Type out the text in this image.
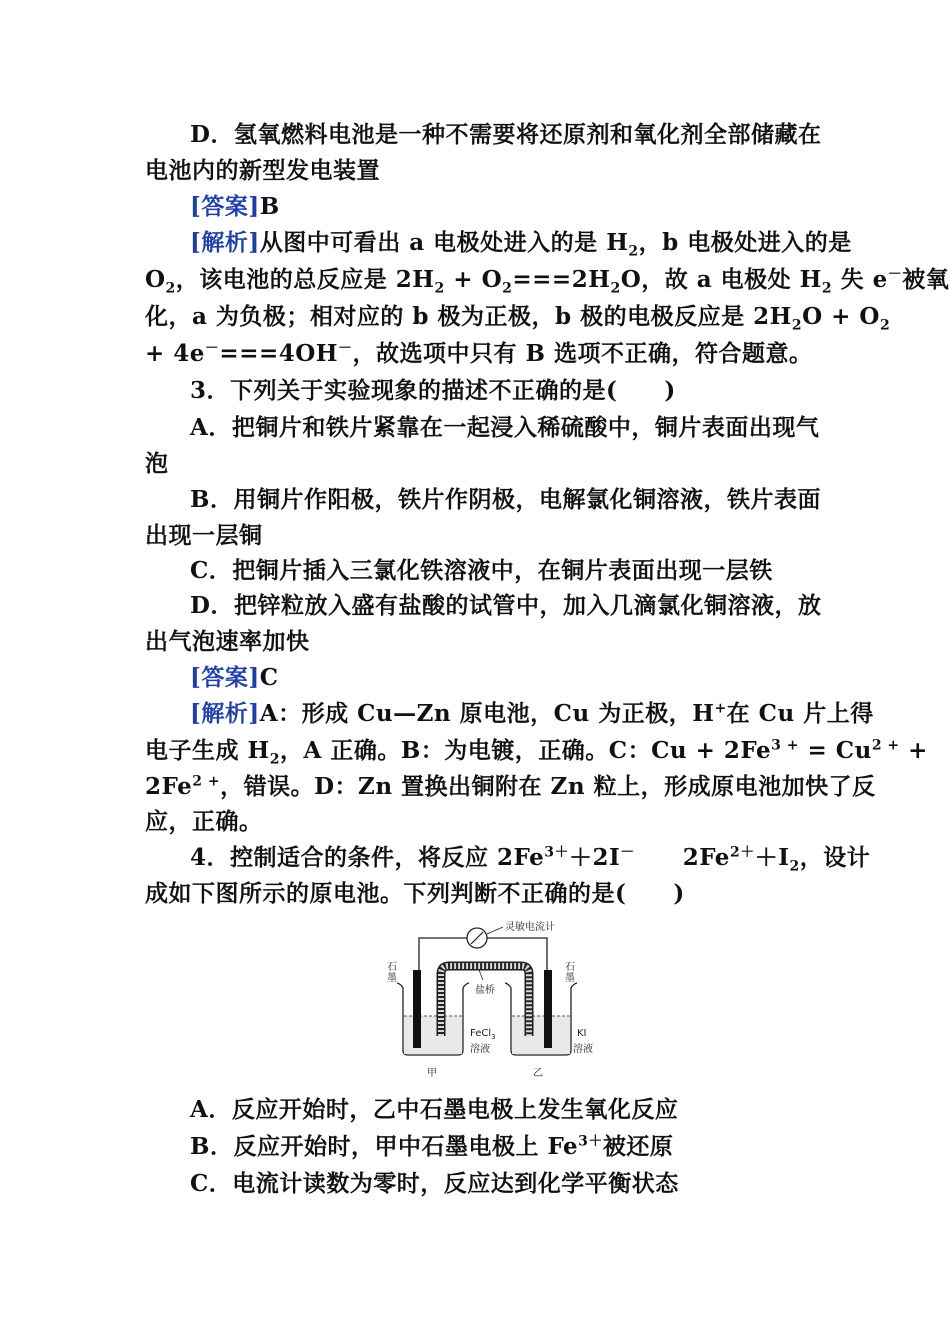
D．氢氧燃料电池是一种不需要将还原剂和氧化剂全部储藏在
电池内的新型发电装置
[答案]B
[解析]从图中可看出 a 电极处进入的是 $H_2$，b 电极处进入的是
$O_2$，该电池的总反应是 $2H_2 + O_2===2H_2O$，故 a 电极处 $H_2$ 失 e－被氧
化，a 为负极；相对应的 b 极为正极，b 极的电极反应是 $2H_2O + O_2$
+ 4e－===4OH－，故选项中只有 B 选项不正确，符合题意。
3．下列关于实验现象的描述不正确的是(　　)
A．把铜片和铁片紧靠在一起浸入稀硫酸中，铜片表面出现气
泡
B．用铜片作阳极，铁片作阴极，电解氯化铜溶液，铁片表面
出现一层铜
C．把铜片插入三氯化铁溶液中，在铜片表面出现一层铁
D．把锌粒放入盛有盐酸的试管中，加入几滴氯化铜溶液，放
出气泡速率加快
[答案]C
[解析]A：形成 Cu—Zn 原电池，Cu 为正极，H+在 Cu 片上得
电子生成 $H_2$，A 正确。B：为电镀，正确。C：$Cu + 2Fe^{3 +} = Cu^{2 +}$ +
$2Fe^{2 +}$，错误。D：Zn 置换出铜附在 Zn 粒上，形成原电池加快了反
应，正确。
4．控制适合的条件，将反应 $2Fe^{3+}+2I^-$ $2Fe^{2+}+I_2$，设计
成如下图所示的原电池。下列判断不正确的是(　　)
灵敏电流计
石
墨
石
墨
盐桥
FeCl$_3$
溶液
KI
溶液
甲	乙
A．反应开始时，乙中石墨电极上发生氧化反应
B．反应开始时，甲中石墨电极上 $Fe^{3+}$被还原
C．电流计读数为零时，反应达到化学平衡状态
